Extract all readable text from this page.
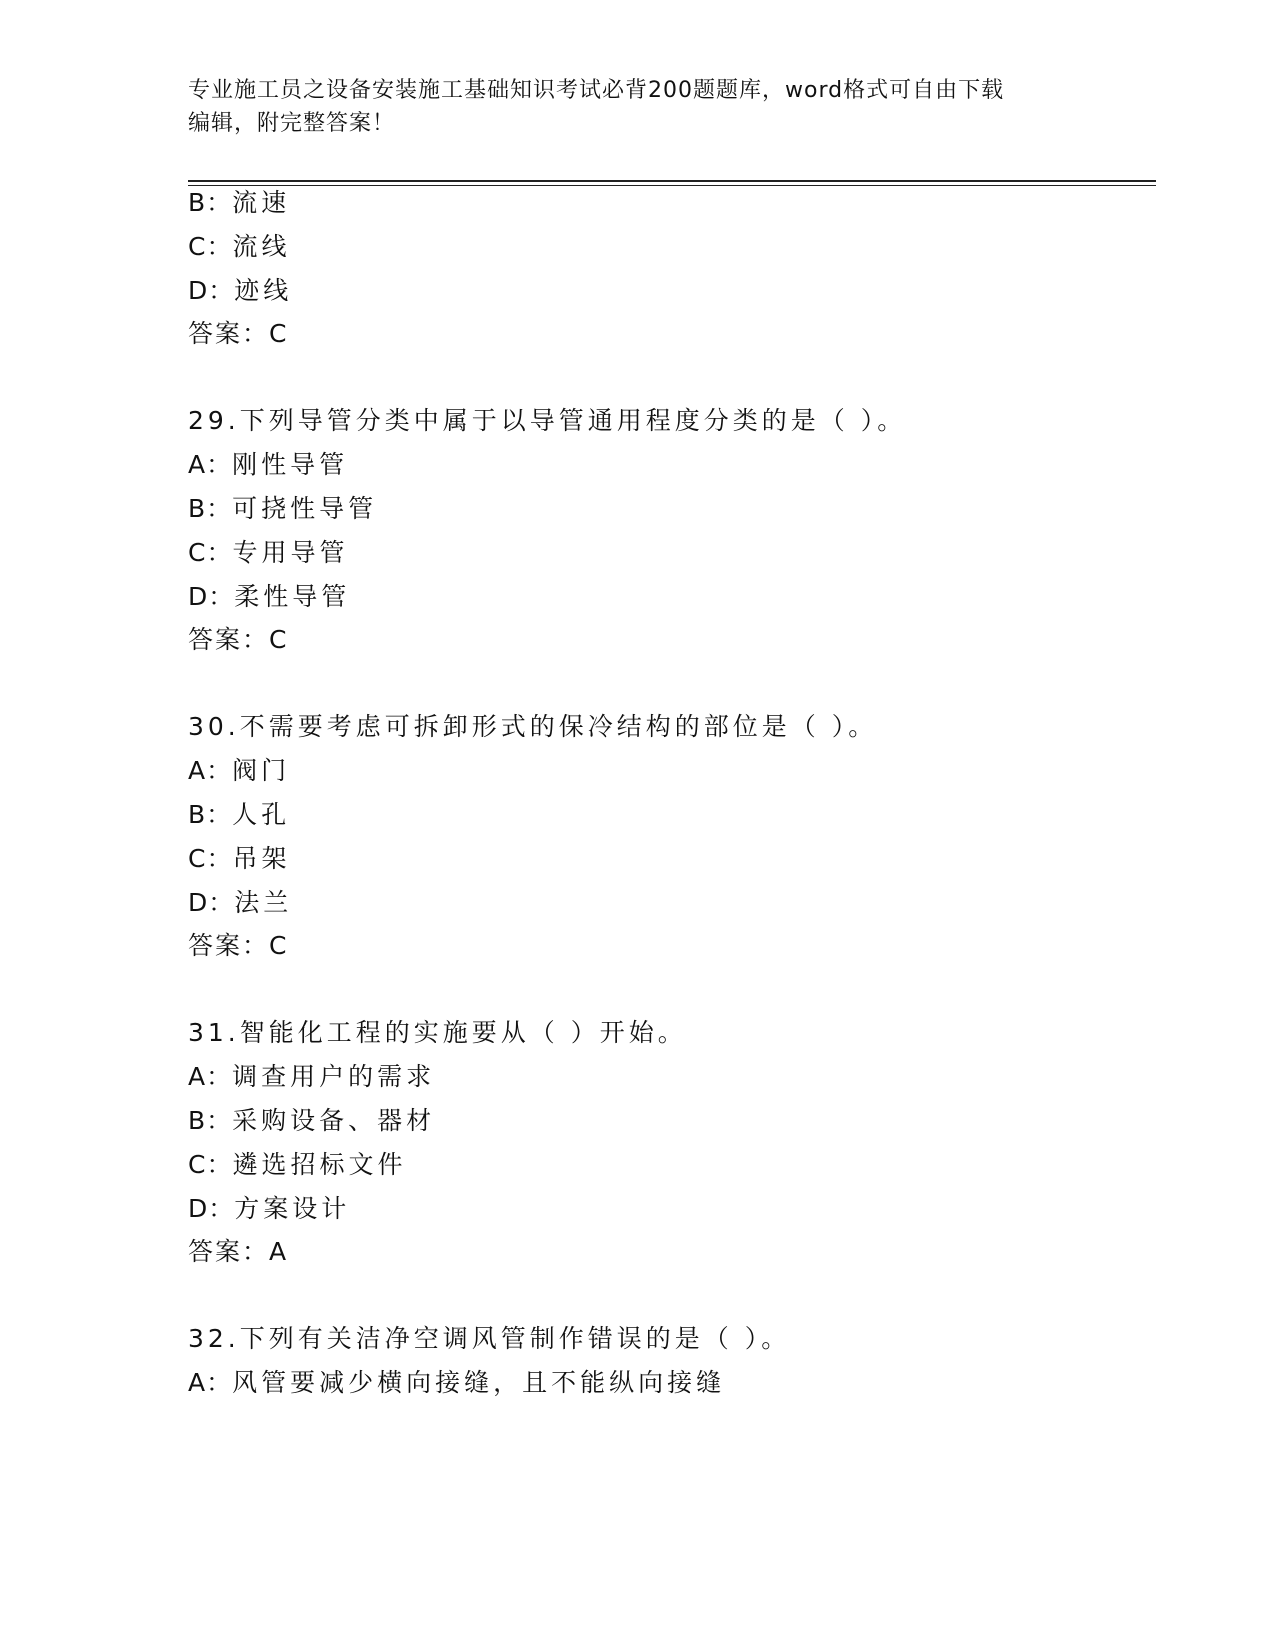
专业施工员之设备安装施工基础知识考试必背200题题库，word格式可自由下载
编辑，附完整答案！
B：流速
C：流线
D：迹线
答案：C
29.下列导管分类中属于以导管通用程度分类的是（ ）。
A：刚性导管
B：可挠性导管
C：专用导管
D：柔性导管
答案：C
30.不需要考虑可拆卸形式的保冷结构的部位是（ ）。
A：阀门
B：人孔
C：吊架
D：法兰
答案：C
31.智能化工程的实施要从（ ）开始。
A：调查用户的需求
B：采购设备、器材
C：遴选招标文件
D：方案设计
答案：A
32.下列有关洁净空调风管制作错误的是（ ）。
A：风管要减少横向接缝，且不能纵向接缝
